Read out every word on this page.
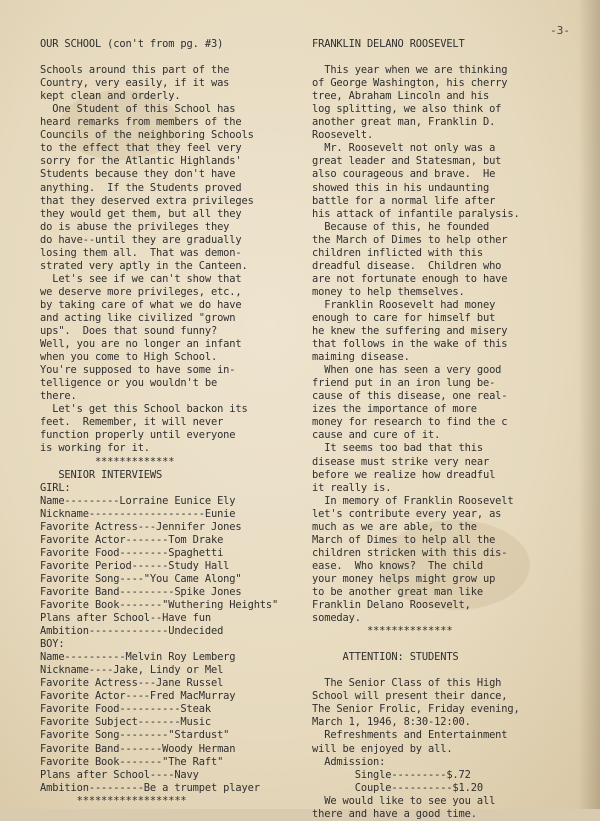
-3-
OUR SCHOOL (con't from pg. #3)

Schools around this part of the
Country, very easily, if it was
kept clean and orderly.
One Student of this School has
heard remarks from members of the
Councils of the neighboring Schools
to the effect that they feel very
sorry for the Atlantic Highlands'
Students because they don't have
anything.  If the Students proved
that they deserved extra privileges
they would get them, but all they
do is abuse the privileges they
do have--until they are gradually
losing them all.  That was demon-
strated very aptly in the Canteen.
Let's see if we can't show that
we deserve more privileges, etc.,
by taking care of what we do have
and acting like civilized "grown
ups".  Does that sound funny?
Well, you are no longer an infant
when you come to High School.
You're supposed to have some in-
telligence or you wouldn't be
there.
Let's get this School backon its
feet.  Remember, it will never
function properly until everyone
is working for it.
*************
SENIOR INTERVIEWS
GIRL:
Name---------Lorraine Eunice Ely
Nickname-------------------Eunie
Favorite Actress---Jennifer Jones
Favorite Actor-------Tom Drake
Favorite Food--------Spaghetti
Favorite Period------Study Hall
Favorite Song----"You Came Along"
Favorite Band---------Spike Jones
Favorite Book-------"Wuthering Heights"
Plans after School--Have fun
Ambition-------------Undecided
BOY:
Name----------Melvin Roy Lemberg
Nickname----Jake, Lindy or Mel
Favorite Actress---Jane Russel
Favorite Actor----Fred MacMurray
Favorite Food----------Steak
Favorite Subject-------Music
Favorite Song--------"Stardust"
Favorite Band-------Woody Herman
Favorite Book-------"The Raft"
Plans after School----Navy
Ambition---------Be a trumpet player
******************
FRANKLIN DELANO ROOSEVELT

This year when we are thinking
of George Washington, his cherry
tree, Abraham Lincoln and his
log splitting, we also think of
another great man, Franklin D.
Roosevelt.
Mr. Roosevelt not only was a
great leader and Statesman, but
also courageous and brave.  He
showed this in his undaunting
battle for a normal life after
his attack of infantile paralysis.
Because of this, he founded
the March of Dimes to help other
children inflicted with this
dreadful disease.  Children who
are not fortunate enough to have
money to help themselves.
Franklin Roosevelt had money
enough to care for himself but
he knew the suffering and misery
that follows in the wake of this
maiming disease.
When one has seen a very good
friend put in an iron lung be-
cause of this disease, one real-
izes the importance of more
money for research to find the c
cause and cure of it.
It seems too bad that this
disease must strike very near
before we realize how dreadful
it really is.
In memory of Franklin Roosevelt
let's contribute every year, as
much as we are able, to the
March of Dimes to help all the
children stricken with this dis-
ease.  Who knows?  The child
your money helps might grow up
to be another great man like
Franklin Delano Roosevelt,
someday.
**************

ATTENTION: STUDENTS

The Senior Class of this High
School will present their dance,
The Senior Frolic, Friday evening,
March 1, 1946, 8:30-12:00.
Refreshments and Entertainment
will be enjoyed by all.
Admission:
Single---------$.72
Couple----------$1.20
We would like to see you all
there and have a good time.
